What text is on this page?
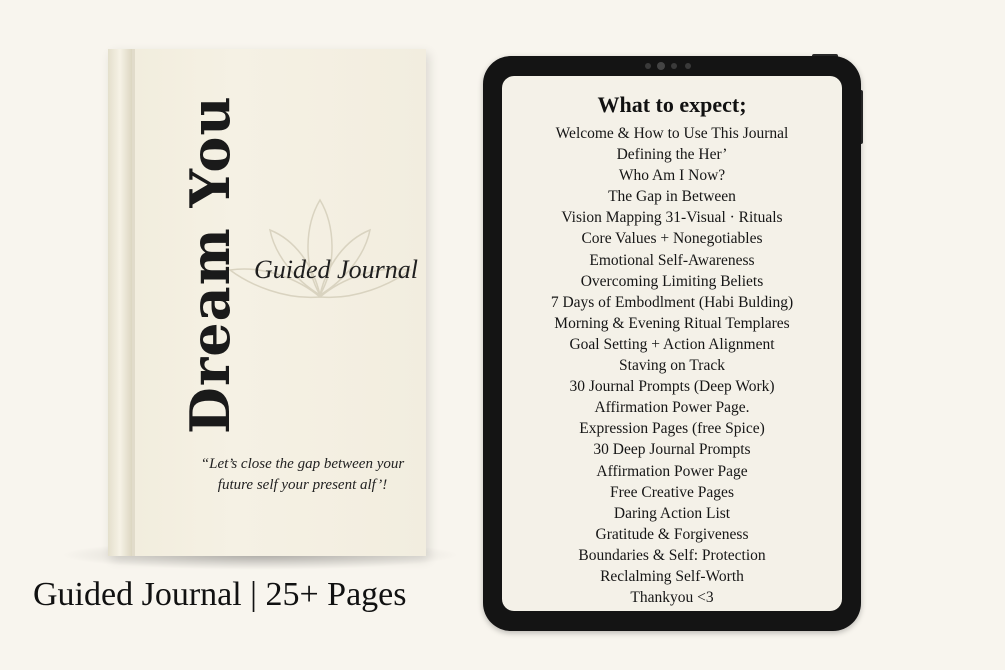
Dream You Guided Journal
“Let’s close the gap between your future self your present alf’!
Guided Journal | 25+ Pages
What to expect;
Welcome & How to Use This Journal
Defining the Her’
Who Am I Now?
The Gap in Between
Vision Mapping 31-Visual · Rituals
Core Values + Nonegotiables
Emotional Self-Awareness
Overcoming Limiting Beliets
7 Days of Embodlment (Habi Bulding)
Morning & Evening Ritual Templares
Goal Setting + Action Alignment
Staving on Track
30 Journal Prompts (Deep Work)
Affirmation Power Page.
Expression Pages (free Spice)
30 Deep Journal Prompts
Affirmation Power Page
Free Creative Pages
Daring Action List
Gratitude & Forgiveness
Boundaries & Self: Protection
Reclalming Self-Worth
Thankyou <3
